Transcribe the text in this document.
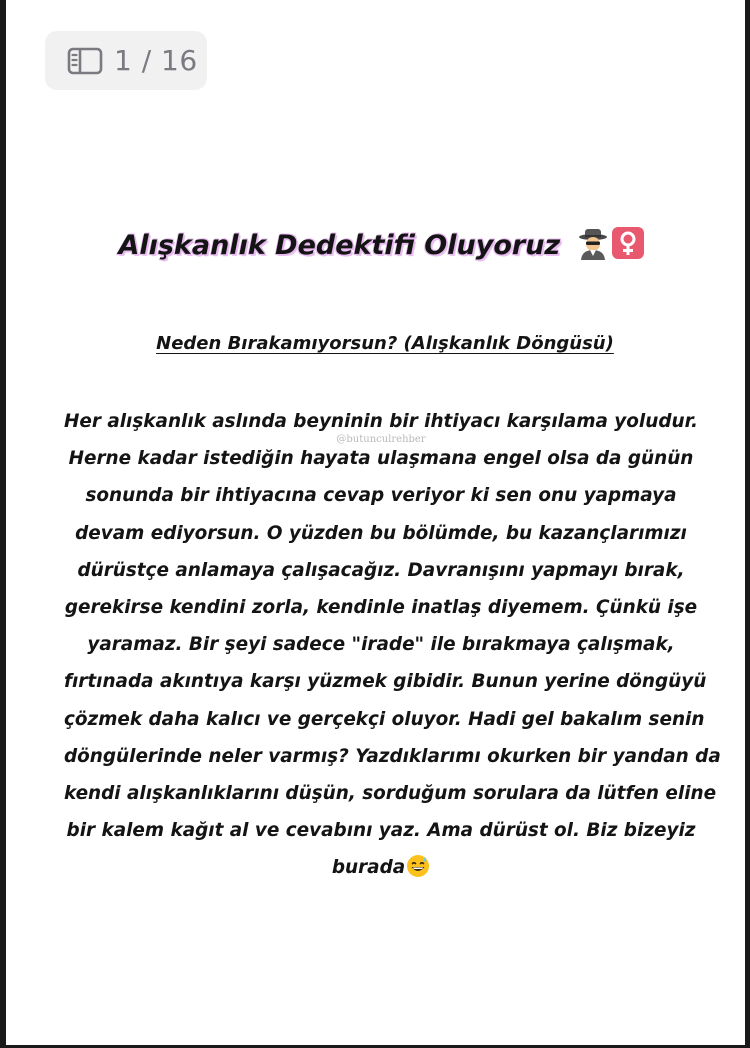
1 / 16
Alışkanlık Dedektifi Oluyoruz
Neden Bırakamıyorsun? (Alışkanlık Döngüsü)
@butunculrehber
Her alışkanlık aslında beyninin bir ihtiyacı karşılama yoludur.
Herne kadar istediğin hayata ulaşmana engel olsa da günün
sonunda bir ihtiyacına cevap veriyor ki sen onu yapmaya
devam ediyorsun. O yüzden bu bölümde, bu kazançlarımızı
dürüstçe anlamaya çalışacağız. Davranışını yapmayı bırak,
gerekirse kendini zorla, kendinle inatlaş diyemem. Çünkü işe
yaramaz. Bir şeyi sadece "irade" ile bırakmaya çalışmak,
fırtınada akıntıya karşı yüzmek gibidir. Bunun yerine döngüyü
çözmek daha kalıcı ve gerçekçi oluyor. Hadi gel bakalım senin
döngülerinde neler varmış? Yazdıklarımı okurken bir yandan da
kendi alışkanlıklarını düşün, sorduğum sorulara da lütfen eline
bir kalem kağıt al ve cevabını yaz. Ama dürüst ol. Biz bizeyiz
burada
